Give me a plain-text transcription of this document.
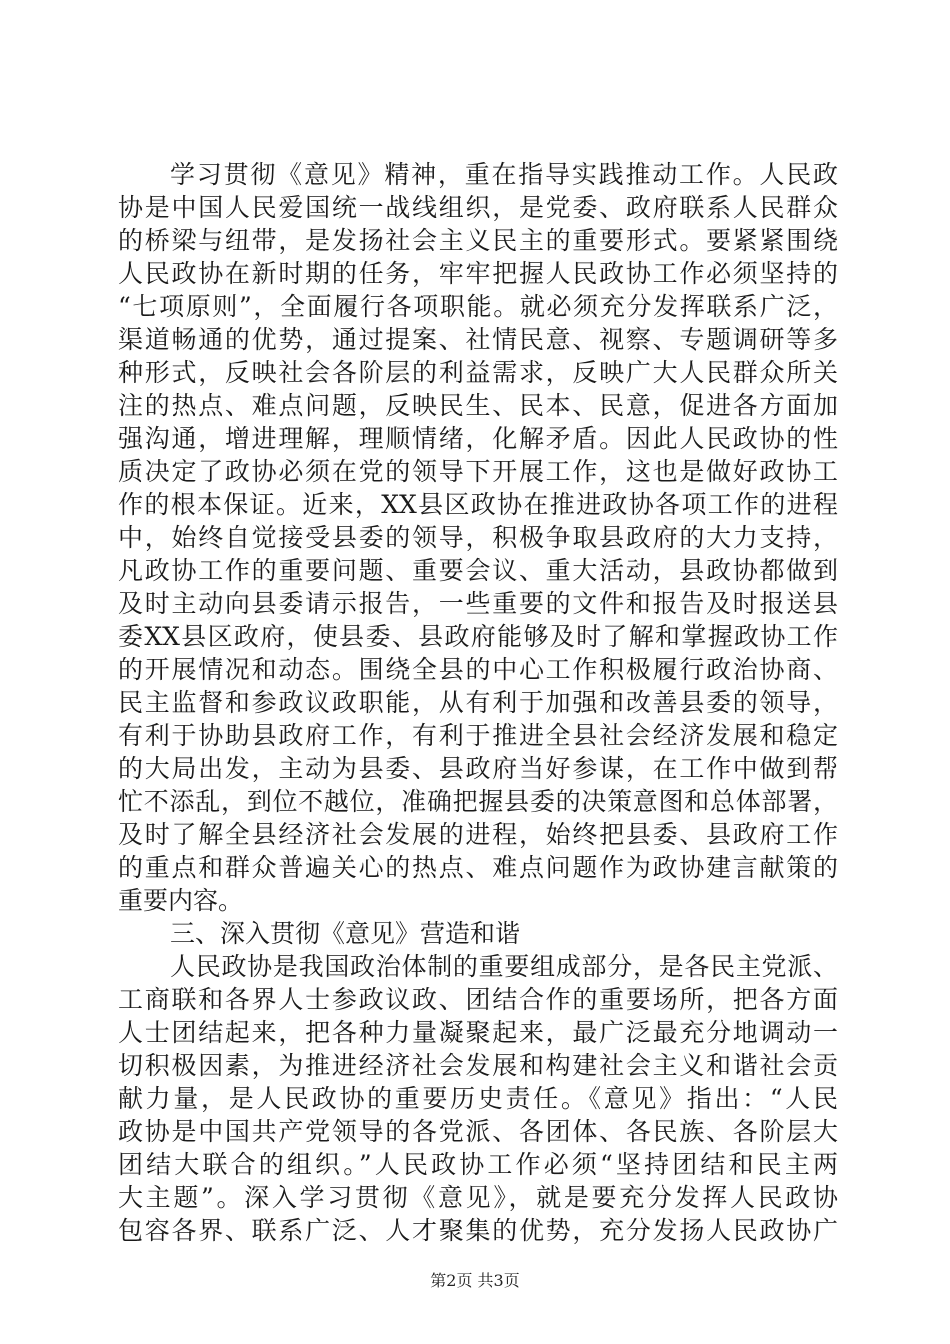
学习贯彻《意见》精神，重在指导实践推动工作。人民政
协是中国人民爱国统一战线组织，是党委、政府联系人民群众
的桥梁与纽带，是发扬社会主义民主的重要形式。要紧紧围绕
人民政协在新时期的任务，牢牢把握人民政协工作必须坚持的
“七项原则”，全面履行各项职能。就必须充分发挥联系广泛，
渠道畅通的优势，通过提案、社情民意、视察、专题调研等多
种形式，反映社会各阶层的利益需求，反映广大人民群众所关
注的热点、难点问题，反映民生、民本、民意，促进各方面加
强沟通，增进理解，理顺情绪，化解矛盾。因此人民政协的性
质决定了政协必须在党的领导下开展工作，这也是做好政协工
作的根本保证。近来，XX县区政协在推进政协各项工作的进程
中，始终自觉接受县委的领导，积极争取县政府的大力支持，
凡政协工作的重要问题、重要会议、重大活动，县政协都做到
及时主动向县委请示报告，一些重要的文件和报告及时报送县
委XX县区政府，使县委、县政府能够及时了解和掌握政协工作
的开展情况和动态。围绕全县的中心工作积极履行政治协商、
民主监督和参政议政职能，从有利于加强和改善县委的领导，
有利于协助县政府工作，有利于推进全县社会经济发展和稳定
的大局出发，主动为县委、县政府当好参谋，在工作中做到帮
忙不添乱，到位不越位，准确把握县委的决策意图和总体部署，
及时了解全县经济社会发展的进程，始终把县委、县政府工作
的重点和群众普遍关心的热点、难点问题作为政协建言献策的
重要内容。
三、深入贯彻《意见》营造和谐
人民政协是我国政治体制的重要组成部分，是各民主党派、
工商联和各界人士参政议政、团结合作的重要场所，把各方面
人士团结起来，把各种力量凝聚起来，最广泛最充分地调动一
切积极因素，为推进经济社会发展和构建社会主义和谐社会贡
献力量，是人民政协的重要历史责任。《意见》指出：“人民
政协是中国共产党领导的各党派、各团体、各民族、各阶层大
团结大联合的组织。”人民政协工作必须“坚持团结和民主两
大主题”。深入学习贯彻《意见》，就是要充分发挥人民政协
包容各界、联系广泛、人才聚集的优势，充分发扬人民政协广
第2页 共3页
